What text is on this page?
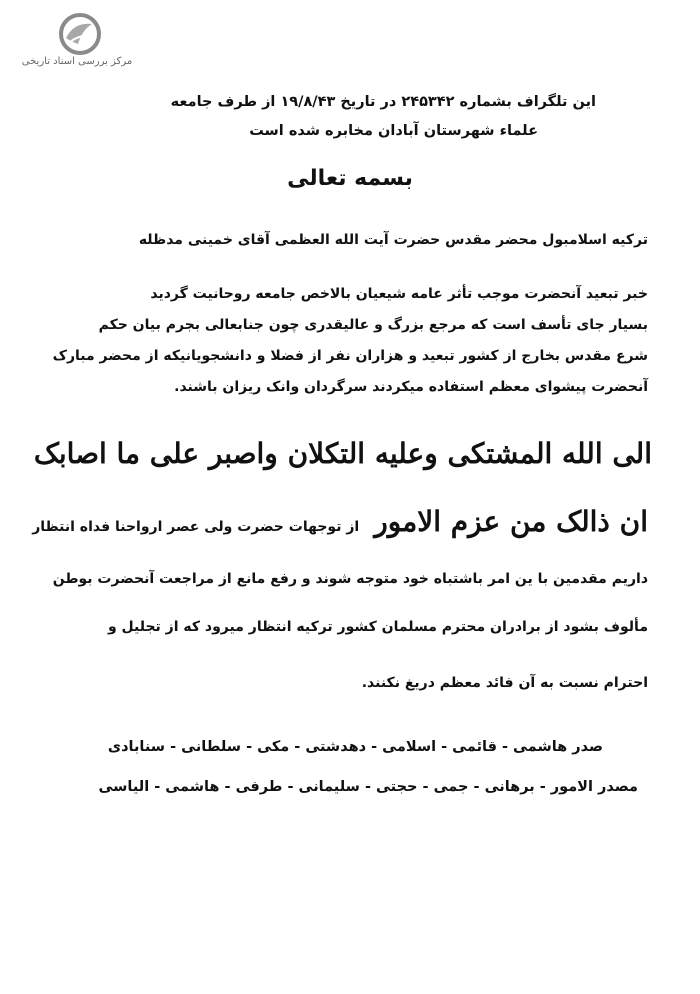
مرکز بررسی اسناد تاریخی
این تلگراف بشماره ۲۴۵۳۴۲ در تاریخ ۱۹/۸/۴۳ از طرف جامعه
علماء شهرستان آبادان مخابره شده است
بسمه تعالی
ترکیه اسلامبول محضر مقدس حضرت آیت الله العظمی آقای خمینی مدظله
خبر تبعید آنحضرت موجب تأثر عامه شیعیان بالاخص جامعه روحانیت گردید
بسیار جای تأسف است که مرجع بزرگ و عالیقدری چون جنابعالی بجرم بیان حکم
شرع مقدس بخارج از کشور تبعید و هزاران نفر از فضلا و دانشجویانیکه از محضر مبارک
آنحضرت پیشوای معظم استفاده میکردند سرگردان وانک ریزان باشند.
الی الله المشتکی وعلیه التکلان واصبر علی ما اصابک
ان ذالک من عزم الامور از توجهات حضرت ولی عصر ارواحنا فداه انتظار
داریم مقدمین با ین امر باشتباه خود متوجه شوند و رفع مانع از مراجعت آنحضرت بوطن
مألوف بشود از برادران محترم مسلمان کشور ترکیه انتظار میرود که از تجلیل و
احترام نسبت به آن فائد معظم دریغ نکنند.
صدر هاشمی - قائمی - اسلامی - دهدشتی - مکی - سلطانی - سنابادی
مصدر الامور - برهانی - جمی - حجتی - سلیمانی - طرفی - هاشمی - الیاسی
